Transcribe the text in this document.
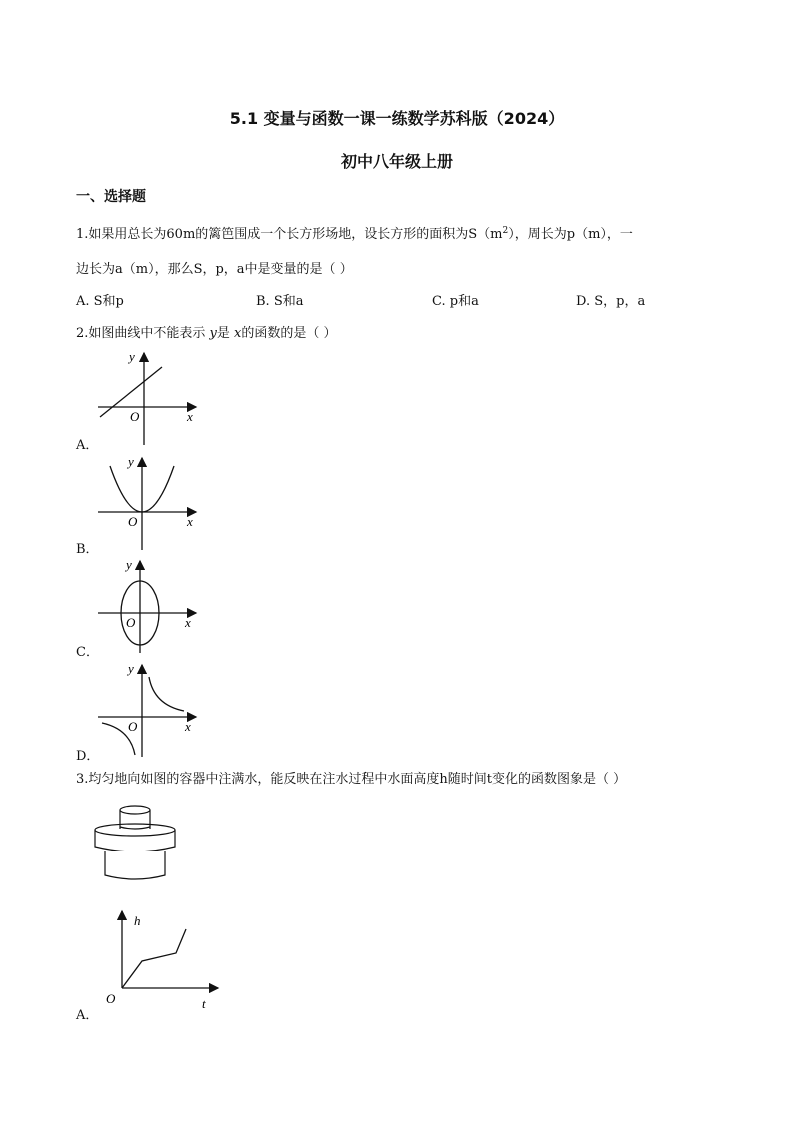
5.1 变量与函数一课一练数学苏科版（2024）
初中八年级上册
一、选择题
1.如果用总长为60m的篱笆围成一个长方形场地，设长方形的面积为$S(m^2)$，周长为p（m），一
边长为a（m），那么S，p，a中是变量的是（ ）
A. S和p	B. S和a	C. p和a	D. S，p，a
2.如图曲线中不能表示 y是 x的函数的是（ ）
y
x
O
A．
y
x
O
B．
y
x
O
C．
y
x
O
D．
3.均匀地向如图的容器中注满水，能反映在注水过程中水面高度h随时间t变化的函数图象是（ ）
h
t
O
A．
